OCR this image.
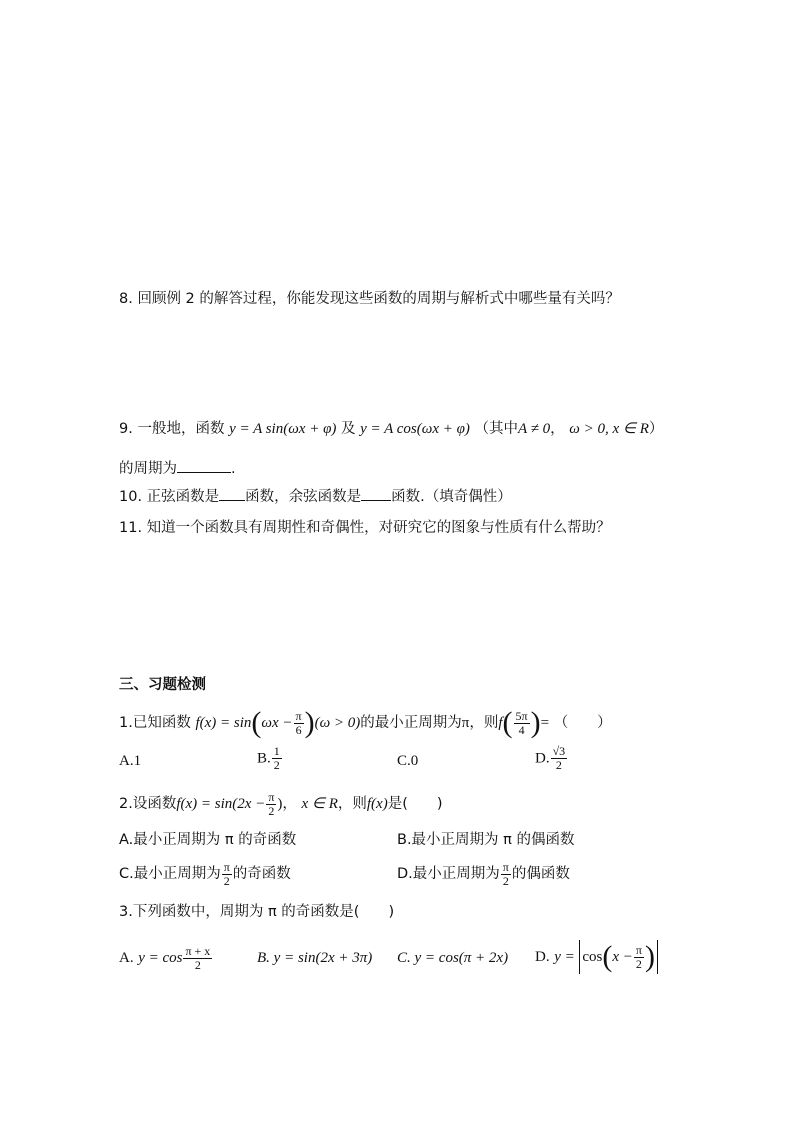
8. 回顾例 2 的解答过程，你能发现这些函数的周期与解析式中哪些量有关吗？
9. 一般地，函数 y = A sin(ωx + φ) 及 y = A cos(ωx + φ) （其中A ≠ 0， ω > 0, x ∈ R）
的周期为	.
10. 正弦函数是 函数，余弦函数是 函数.（填奇偶性）
11. 知道一个函数具有周期性和奇偶性，对研究它的图象与性质有什么帮助？
三、习题检测
1.已知函数 $f(x) = \sin(\omega x - \frac{\pi}{6} )(\omega > 0)$的最小正周期为π，则$f( \frac{5\pi}{4}$ )= （　　）
A.1	B. $\frac{1}{2}$	C.0	D. $\frac{√3}{2}$
2.设函数$f(x) = \sin(2x - \frac{\pi}{2}$ )， x ∈ R，则f(x)是(　　)
A.最小正周期为 π 的奇函数	B.最小正周期为 π 的偶函数
C.最小正周期为 $\frac{\pi}{2}$ 的奇函数	D.最小正周期为 $\frac{\pi}{2}$ 的偶函数
3.下列函数中，周期为 π 的奇函数是(　　)
A. $y = \cos \frac{\pi + x}{2}$	B. y = sin(2x + 3π) C. y = cos(π + 2x) D. $y = \cos(x - \frac{\pi}{2}$ )
